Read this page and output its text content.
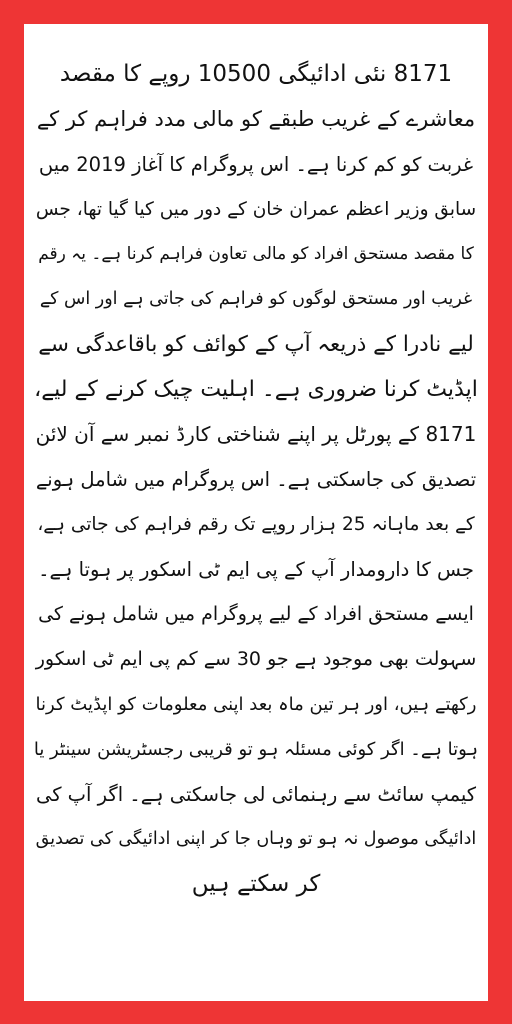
8171 نئی ادائیگی 10500 روپے کا مقصد
معاشرے کے غریب طبقے کو مالی مدد فراہم کر کے
غربت کو کم کرنا ہے۔ اس پروگرام کا آغاز 2019 میں
سابق وزیر اعظم عمران خان کے دور میں کیا گیا تھا، جس
کا مقصد مستحق افراد کو مالی تعاون فراہم کرنا ہے۔ یہ رقم
غریب اور مستحق لوگوں کو فراہم کی جاتی ہے اور اس کے
لیے نادرا کے ذریعہ آپ کے کوائف کو باقاعدگی سے
اپڈیٹ کرنا ضروری ہے۔ اہلیت چیک کرنے کے لیے،
8171 کے پورٹل پر اپنے شناختی کارڈ نمبر سے آن لائن
تصدیق کی جاسکتی ہے۔ اس پروگرام میں شامل ہونے
کے بعد ماہانہ 25 ہزار روپے تک رقم فراہم کی جاتی ہے،
جس کا دارومدار آپ کے پی ایم ٹی اسکور پر ہوتا ہے۔
ایسے مستحق افراد کے لیے پروگرام میں شامل ہونے کی
سہولت بھی موجود ہے جو 30 سے کم پی ایم ٹی اسکور
رکھتے ہیں، اور ہر تین ماہ بعد اپنی معلومات کو اپڈیٹ کرنا
ہوتا ہے۔ اگر کوئی مسئلہ ہو تو قریبی رجسٹریشن سینٹر یا
کیمپ سائٹ سے رہنمائی لی جاسکتی ہے۔ اگر آپ کی
ادائیگی موصول نہ ہو تو وہاں جا کر اپنی ادائیگی کی تصدیق
کر سکتے ہیں
